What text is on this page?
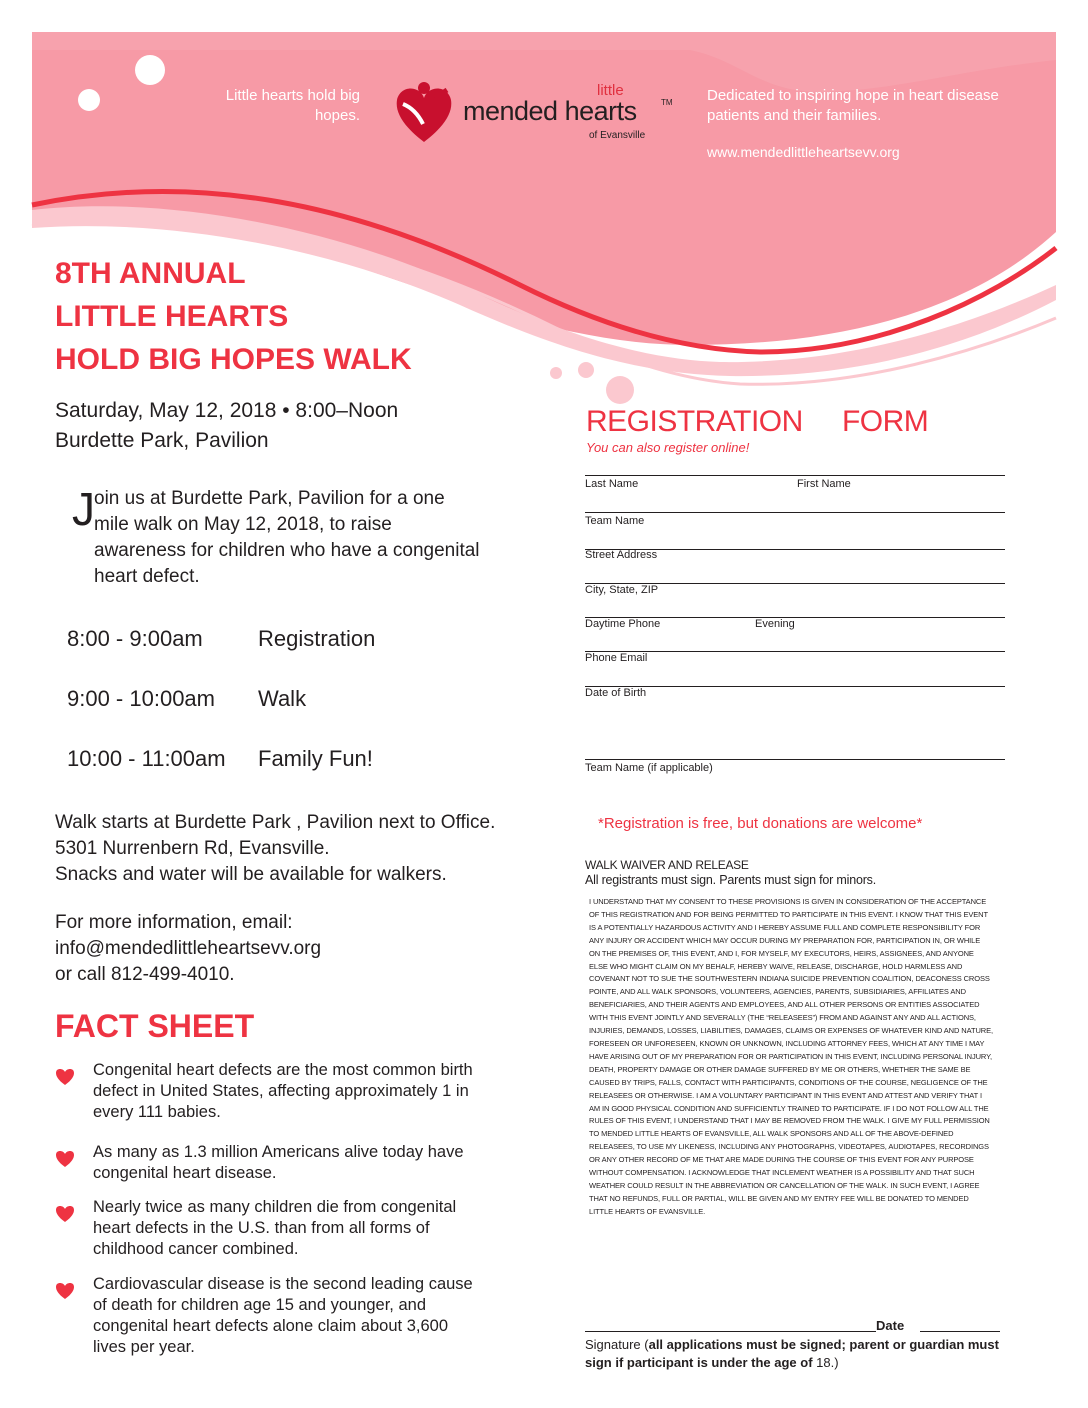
Little hearts hold big hopes.
little
mended hearts	TM
of Evansville
Dedicated to inspiring hope in heart disease patients and their families.
www.mendedlittleheartsevv.org
8TH ANNUAL
LITTLE HEARTS
HOLD BIG HOPES WALK
Saturday, May 12, 2018 • 8:00–Noon
Burdette Park, Pavilion
J oin us at Burdette Park, Pavilion for a one mile walk on May 12, 2018, to raise awareness for children who have a congenital heart defect.
8:00 - 9:00am	Registration
9:00 - 10:00am Walk
10:00 - 11:00am Family Fun!
Walk starts at Burdette Park , Pavilion next to Office.
5301 Nurrenbern Rd, Evansville.
Snacks and water will be available for walkers.
For more information, email:
info@mendedlittleheartsevv.org
or call 812-499-4010.
FACT SHEET
Congenital heart defects are the most common birth defect in United States, affecting approximately 1 in every 111 babies.
As many as 1.3 million Americans alive today have congenital heart disease.
Nearly twice as many children die from congenital heart defects in the U.S. than from all forms of childhood cancer combined.
Cardiovascular disease is the second leading cause of death for children age 15 and younger, and congenital heart defects alone claim about 3,600 lives per year.
REGISTRATION     FORM
You can also register online!
Last Name	First Name
Team Name
Street Address
City, State, ZIP
Daytime Phone	Evening
Phone Email
Date of Birth
Team Name (if applicable)
*Registration is free, but donations are welcome*
WALK WAIVER AND RELEASE
All registrants must sign. Parents must sign for minors.
I UNDERSTAND THAT MY CONSENT TO THESE PROVISIONS IS GIVEN IN CONSIDERATION OF THE ACCEPTANCE OF THIS REGISTRATION AND FOR BEING PERMITTED TO PARTICIPATE IN THIS EVENT. I KNOW THAT THIS EVENT IS A POTENTIALLY HAZARDOUS ACTIVITY AND I HEREBY ASSUME FULL AND COMPLETE RESPONSIBILITY FOR ANY INJURY OR ACCIDENT WHICH MAY OCCUR DURING MY PREPARATION FOR, PARTICIPATION IN, OR WHILE ON THE PREMISES OF, THIS EVENT, AND I, FOR MYSELF, MY EXECUTORS, HEIRS, ASSIGNEES, AND ANYONE ELSE WHO MIGHT CLAIM ON MY BEHALF, HEREBY WAIVE, RELEASE, DISCHARGE, HOLD HARMLESS AND COVENANT NOT TO SUE THE SOUTHWESTERN INDIANA SUICIDE PREVENTION COALITION, DEACONESS CROSS POINTE, AND ALL WALK SPONSORS, VOLUNTEERS, AGENCIES, PARENTS, SUBSIDIARIES, AFFILIATES AND BENEFICIARIES, AND THEIR AGENTS AND EMPLOYEES, AND ALL OTHER PERSONS OR ENTITIES ASSOCIATED WITH THIS EVENT JOINTLY AND SEVERALLY (THE “RELEASEES”) FROM AND AGAINST ANY AND ALL ACTIONS, INJURIES, DEMANDS, LOSSES, LIABILITIES, DAMAGES, CLAIMS OR EXPENSES OF WHATEVER KIND AND NATURE, FORESEEN OR UNFORESEEN, KNOWN OR UNKNOWN, INCLUDING ATTORNEY FEES, WHICH AT ANY TIME I MAY HAVE ARISING OUT OF MY PREPARATION FOR OR PARTICIPATION IN THIS EVENT, INCLUDING PERSONAL INJURY, DEATH, PROPERTY DAMAGE OR OTHER DAMAGE SUFFERED BY ME OR OTHERS, WHETHER THE SAME BE CAUSED BY TRIPS, FALLS, CONTACT WITH PARTICIPANTS, CONDITIONS OF THE COURSE, NEGLIGENCE OF THE RELEASEES OR OTHERWISE. I AM A VOLUNTARY PARTICIPANT IN THIS EVENT AND ATTEST AND VERIFY THAT I AM IN GOOD PHYSICAL CONDITION AND SUFFICIENTLY TRAINED TO PARTICIPATE. IF I DO NOT FOLLOW ALL THE RULES OF THIS EVENT, I UNDERSTAND THAT I MAY BE REMOVED FROM THE WALK. I GIVE MY FULL PERMISSION TO MENDED LITTLE HEARTS OF EVANSVILLE, ALL WALK SPONSORS AND ALL OF THE ABOVE-DEFINED RELEASEES, TO USE MY LIKENESS, INCLUDING ANY PHOTOGRAPHS, VIDEOTAPES, AUDIOTAPES, RECORDINGS OR ANY OTHER RECORD OF ME THAT ARE MADE DURING THE COURSE OF THIS EVENT FOR ANY PURPOSE WITHOUT COMPENSATION. I ACKNOWLEDGE THAT INCLEMENT WEATHER IS A POSSIBILITY AND THAT SUCH WEATHER COULD RESULT IN THE ABBREVIATION OR CANCELLATION OF THE WALK. IN SUCH EVENT, I AGREE THAT NO REFUNDS, FULL OR PARTIAL, WILL BE GIVEN AND MY ENTRY FEE WILL BE DONATED TO MENDED LITTLE HEARTS OF EVANSVILLE.
Date
Signature (all applications must be signed; parent or guardian must sign if participant is under the age of 18.)
